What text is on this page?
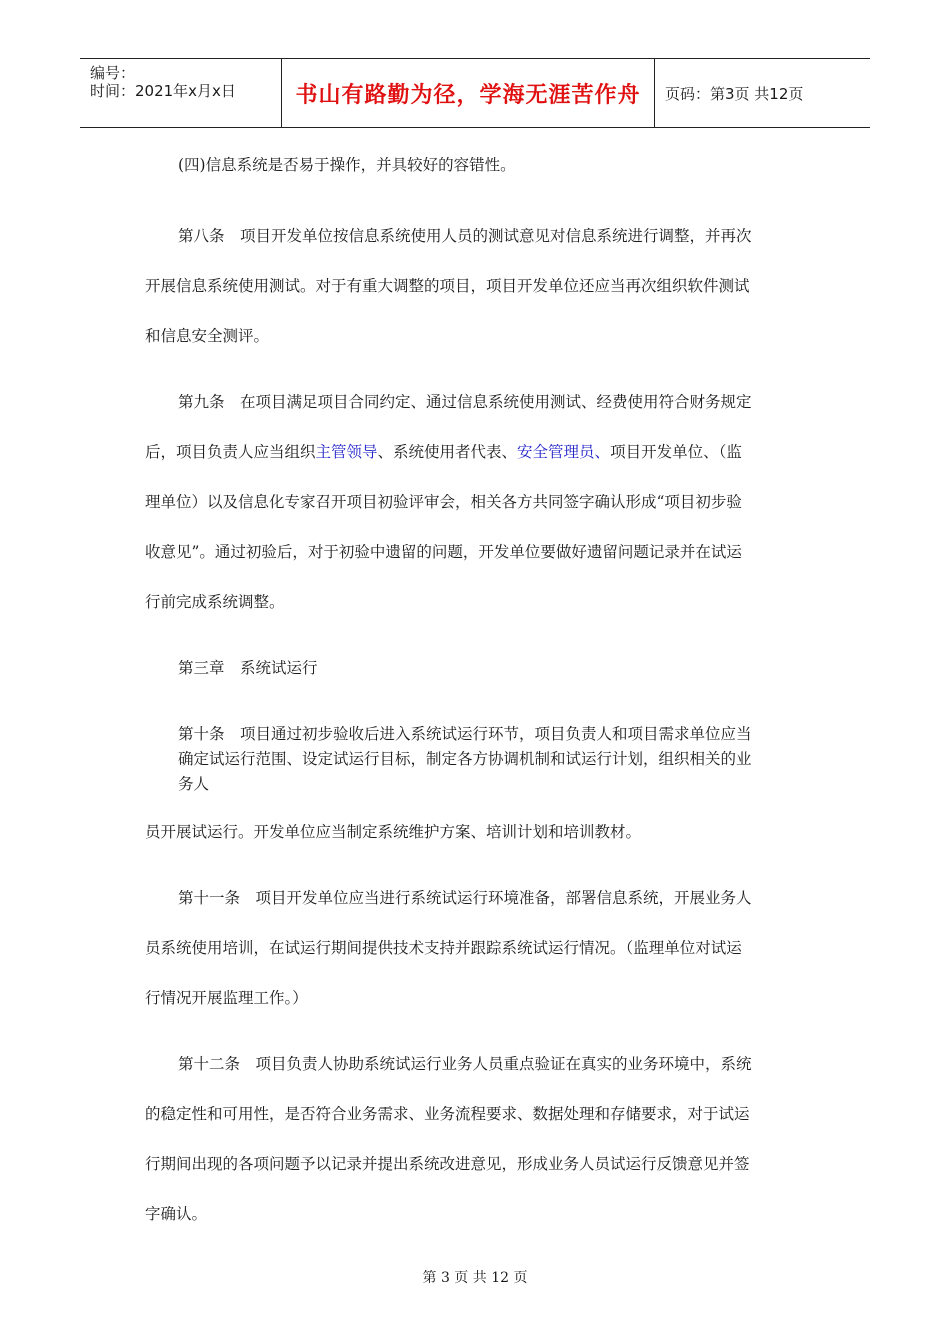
编号：
时间：2021年x月x日	书山有路勤为径，学海无涯苦作舟	页码：第3页 共12页

(四)信息系统是否易于操作，并具较好的容错性。

第八条　项目开发单位按信息系统使用人员的测试意见对信息系统进行调整，并再次

开展信息系统使用测试。对于有重大调整的项目，项目开发单位还应当再次组织软件测试

和信息安全测评。

第九条　在项目满足项目合同约定、通过信息系统使用测试、经费使用符合财务规定

后，项目负责人应当组织主管领导、系统使用者代表、安全管理员、项目开发单位、（监

理单位）以及信息化专家召开项目初验评审会，相关各方共同签字确认形成“项目初步验

收意见”。通过初验后，对于初验中遗留的问题，开发单位要做好遗留问题记录并在试运

行前完成系统调整。

第三章　系统试运行

第十条　项目通过初步验收后进入系统试运行环节，项目负责人和项目需求单位应当

确定试运行范围、设定试运行目标，制定各方协调机制和试运行计划，组织相关的业

务人

员开展试运行。开发单位应当制定系统维护方案、培训计划和培训教材。

第十一条　项目开发单位应当进行系统试运行环境准备，部署信息系统，开展业务人

员系统使用培训，在试运行期间提供技术支持并跟踪系统试运行情况。（监理单位对试运

行情况开展监理工作。）

第十二条　项目负责人协助系统试运行业务人员重点验证在真实的业务环境中，系统

的稳定性和可用性，是否符合业务需求、业务流程要求、数据处理和存储要求，对于试运

行期间出现的各项问题予以记录并提出系统改进意见，形成业务人员试运行反馈意见并签

字确认。

第 3 页 共 12 页
